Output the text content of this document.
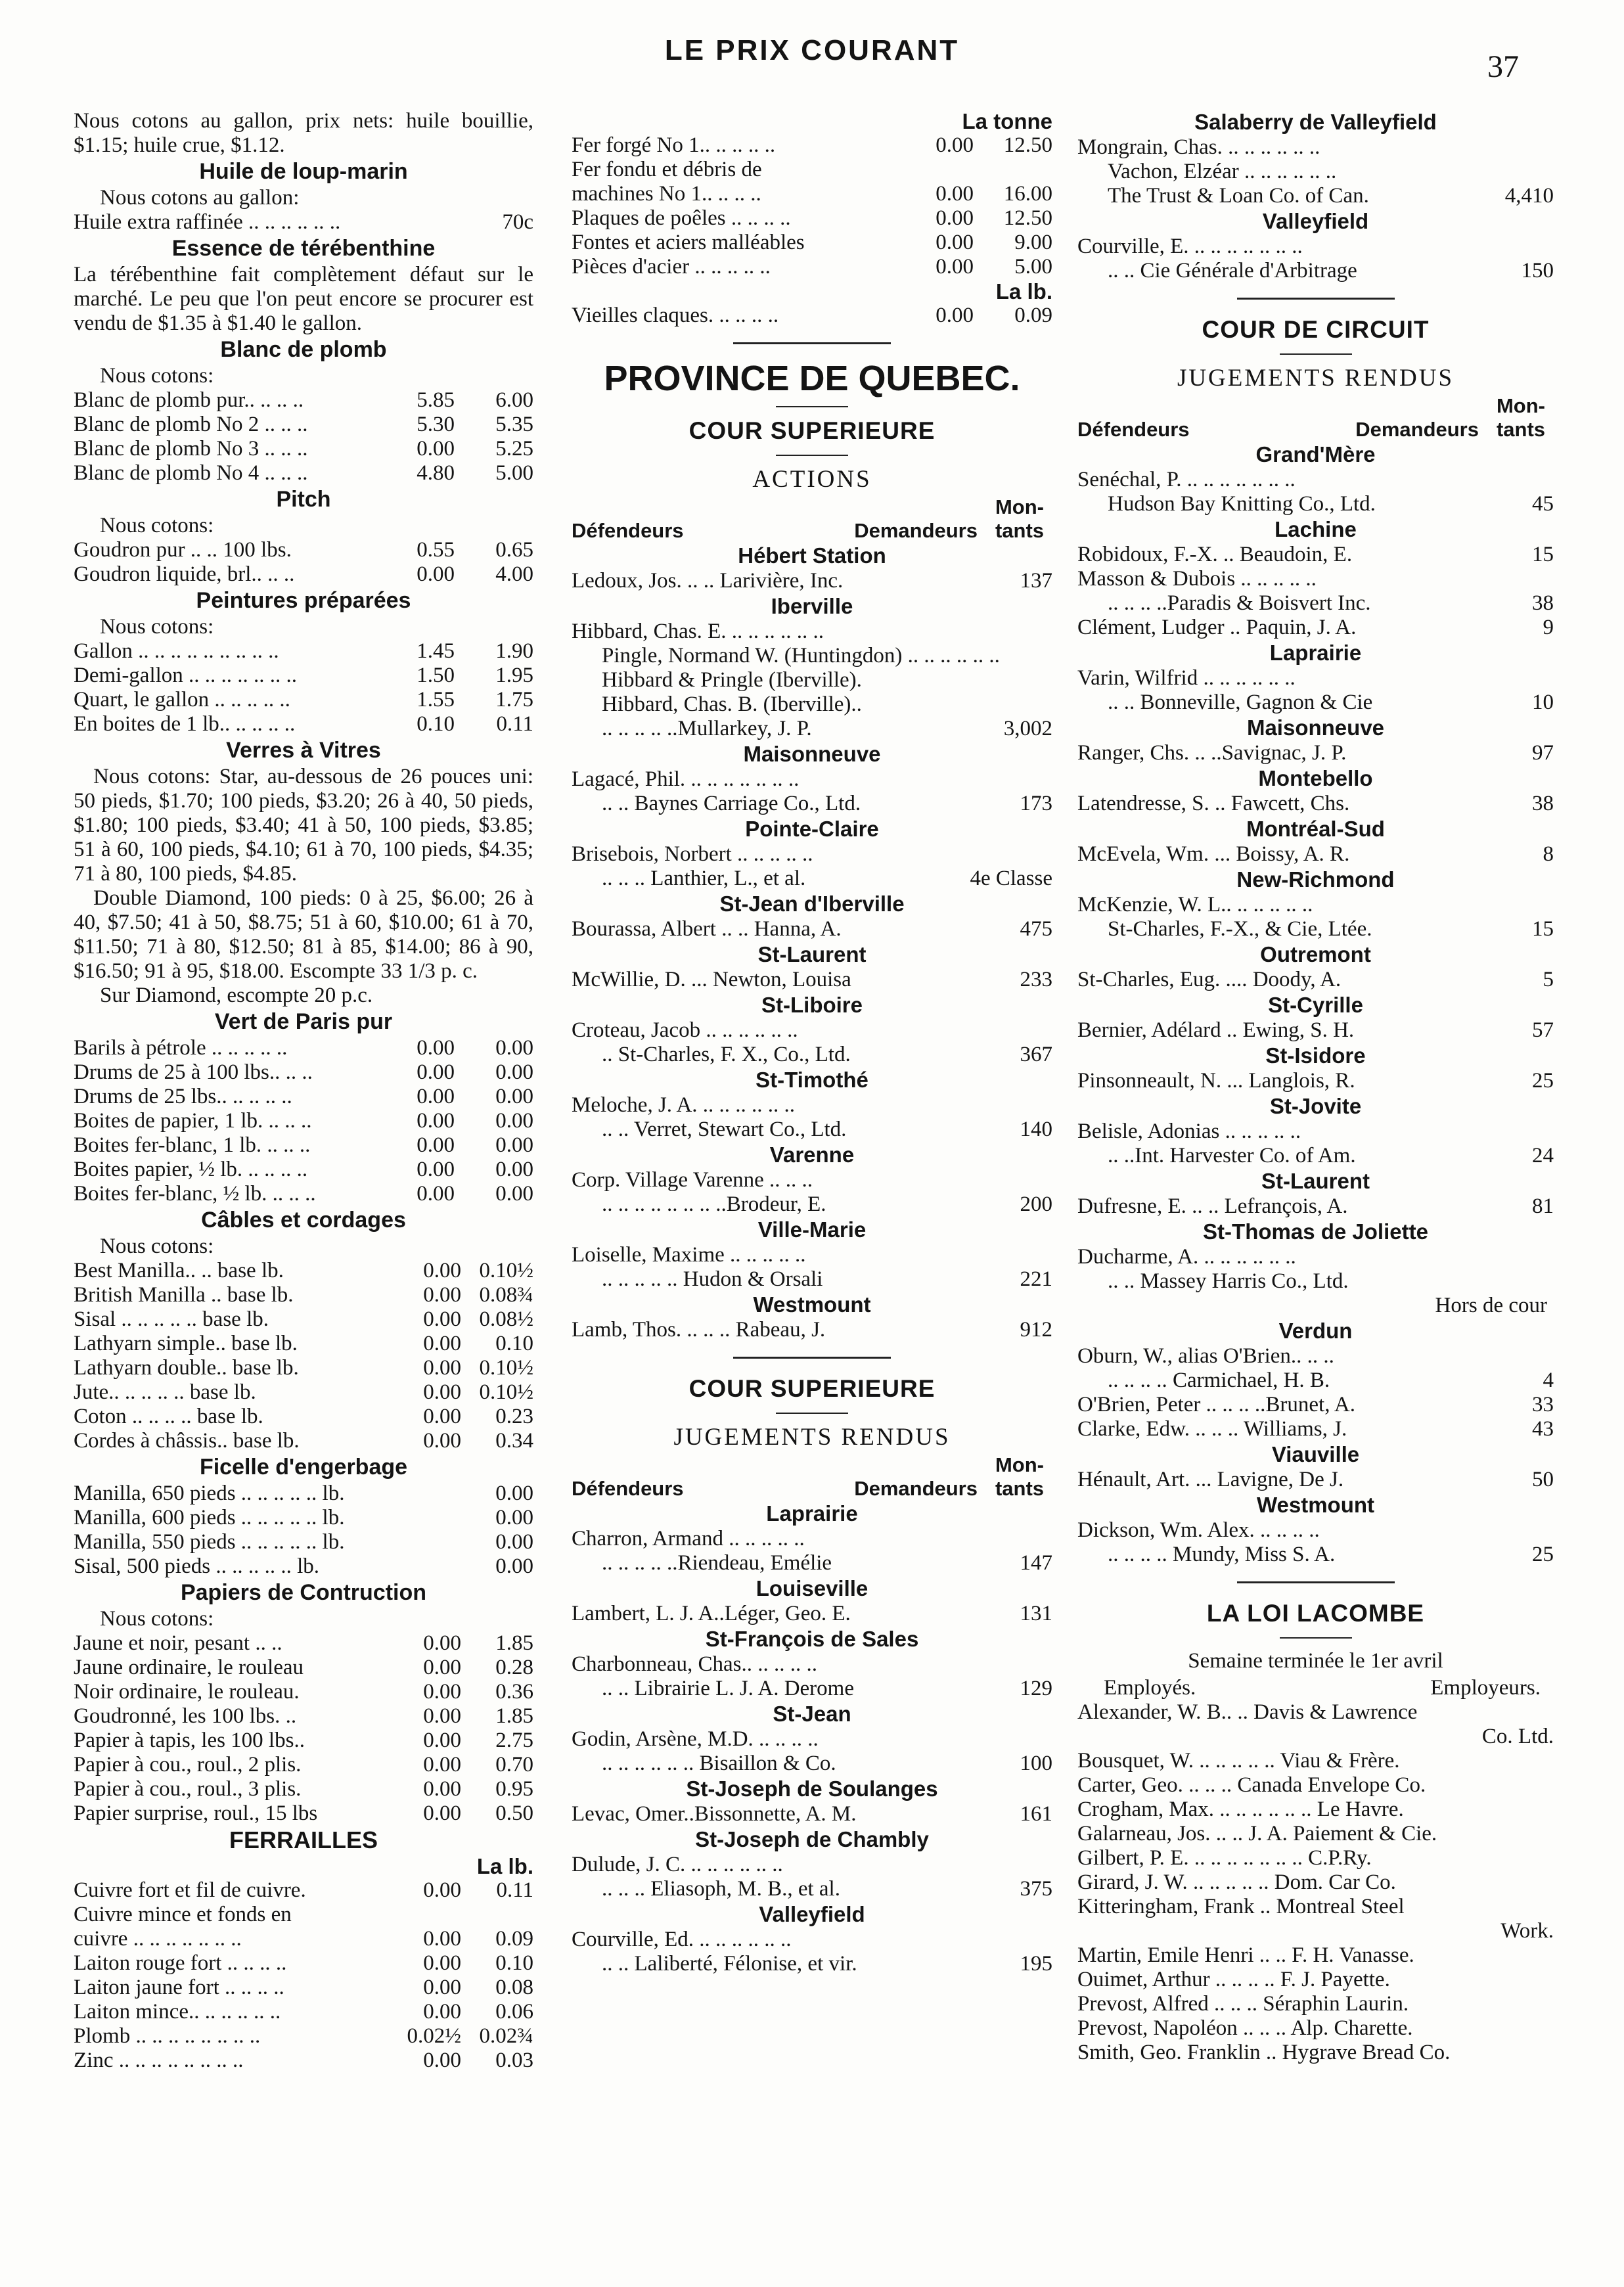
LE PRIX COURANT	37
Nous cotons au gallon, prix nets: huile bouillie, $1.15; huile crue, $1.12.
Huile de loup-marin
Nous cotons au gallon:
Huile extra raffinée .. .. .. .. .. ..	70c
Essence de térébenthine
La térébenthine fait complètement défaut sur le marché. Le peu que l'on peut encore se procurer est vendu de $1.35 à $1.40 le gallon.
Blanc de plomb
Nous cotons:
Blanc de plomb pur.. .. .. ..	5.85	6.00
Blanc de plomb No 2 .. .. ..	5.30	5.35
Blanc de plomb No 3 .. .. ..	0.00	5.25
Blanc de plomb No 4 .. .. ..	4.80	5.00
Pitch
Nous cotons:
Goudron pur .. .. 100 lbs.	0.55	0.65
Goudron liquide, brl.. .. ..	0.00	4.00
Peintures préparées
Nous cotons:
Gallon .. .. .. .. .. .. .. .. ..	1.45	1.90
Demi-gallon .. .. .. .. .. .. ..	1.50	1.95
Quart, le gallon .. .. .. .. ..	1.55	1.75
En boites de 1 lb.. .. .. .. ..	0.10	0.11
Verres à Vitres
Nous cotons: Star, au-dessous de 26 pouces uni: 50 pieds, $1.70; 100 pieds, $3.20; 26 à 40, 50 pieds, $1.80; 100 pieds, $3.40; 41 à 50, 100 pieds, $3.85; 51 à 60, 100 pieds, $4.10; 61 à 70, 100 pieds, $4.35; 71 à 80, 100 pieds, $4.85.
Double Diamond, 100 pieds: 0 à 25, $6.00; 26 à 40, $7.50; 41 à 50, $8.75; 51 à 60, $10.00; 61 à 70, $11.50; 71 à 80, $12.50; 81 à 85, $14.00; 86 à 90, $16.50; 91 à 95, $18.00. Escompte 33 1/3 p. c.
Sur Diamond, escompte 20 p.c.
Vert de Paris pur
Barils à pétrole .. .. .. .. ..	0.00	0.00
Drums de 25 à 100 lbs.. .. ..	0.00	0.00
Drums de 25 lbs.. .. .. .. ..	0.00	0.00
Boites de papier, 1 lb. .. .. ..	0.00	0.00
Boites fer-blanc, 1 lb. .. .. ..	0.00	0.00
Boites papier, ½ lb. .. .. .. ..	0.00	0.00
Boites fer-blanc, ½ lb. .. .. ..	0.00	0.00
Câbles et cordages
Nous cotons:
Best Manilla.. .. base lb.	0.00 0.10½
British Manilla .. base lb.	0.00 0.08¾
Sisal .. .. .. .. .. base lb.	0.00 0.08½
Lathyarn simple.. base lb.	0.00	0.10
Lathyarn double.. base lb.	0.00 0.10½
Jute.. .. .. .. .. base lb.	0.00 0.10½
Coton .. .. .. .. base lb.	0.00	0.23
Cordes à châssis.. base lb.	0.00	0.34
Ficelle d'engerbage
Manilla, 650 pieds .. .. .. .. .. lb.	0.00
Manilla, 600 pieds .. .. .. .. .. lb.	0.00
Manilla, 550 pieds .. .. .. .. .. lb.	0.00
Sisal, 500 pieds .. .. .. .. .. lb.	0.00
Papiers de Contruction
Nous cotons:
Jaune et noir, pesant .. ..	0.00	1.85
Jaune ordinaire, le rouleau	0.00	0.28
Noir ordinaire, le rouleau.	0.00	0.36
Goudronné, les 100 lbs. ..	0.00	1.85
Papier à tapis, les 100 lbs..	0.00	2.75
Papier à cou., roul., 2 plis.	0.00	0.70
Papier à cou., roul., 3 plis.	0.00	0.95
Papier surprise, roul., 15 lbs	0.00	0.50
FERRAILLES
La lb.
Cuivre fort et fil de cuivre.	0.00	0.11
Cuivre mince et fonds en
cuivre .. .. .. .. .. .. ..	0.00	0.09
Laiton rouge fort .. .. .. ..	0.00	0.10
Laiton jaune fort .. .. .. ..	0.00	0.08
Laiton mince.. .. .. .. .. ..	0.00	0.06
Plomb .. .. .. .. .. .. .. ..	0.02½ 0.02¾
Zinc .. .. .. .. .. .. .. ..	0.00	0.03
La tonne
Fer forgé No 1.. .. .. .. ..	0.00	12.50
Fer fondu et débris de
machines No 1.. .. .. ..	0.00	16.00
Plaques de poêles .. .. .. ..	0.00	12.50
Fontes et aciers malléables	0.00	9.00
Pièces d'acier .. .. .. .. ..	0.00	5.00
La lb.
Vieilles claques. .. .. .. ..	0.00	0.09
PROVINCE DE QUEBEC.
COUR SUPERIEURE
ACTIONS
Défendeurs	Demandeurs
Mon-
tants
Hébert Station
Ledoux, Jos. .. .. Larivière, Inc.	137
Iberville
Hibbard, Chas. E. .. .. .. .. .. ..
Pingle, Normand W. (Huntingdon) .. .. .. .. .. ..
Hibbard & Pringle (Iberville).
Hibbard, Chas. B. (Iberville)..
.. .. .. .. ..Mullarkey, J. P.	3,002
Maisonneuve
Lagacé, Phil. .. .. .. .. .. .. ..
.. .. Baynes Carriage Co., Ltd.	173
Pointe-Claire
Brisebois, Norbert .. .. .. .. ..
.. .. .. Lanthier, L., et al.	4e Classe
St-Jean d'Iberville
Bourassa, Albert .. .. Hanna, A.	475
St-Laurent
McWillie, D. ... Newton, Louisa	233
St-Liboire
Croteau, Jacob .. .. .. .. .. ..
.. St-Charles, F. X., Co., Ltd.	367
St-Timothé
Meloche, J. A. .. .. .. .. .. ..
.. .. Verret, Stewart Co., Ltd.	140
Varenne
Corp. Village Varenne .. .. ..
.. .. .. .. .. .. .. ..Brodeur, E.	200
Ville-Marie
Loiselle, Maxime .. .. .. .. ..
.. .. .. .. .. Hudon & Orsali	221
Westmount
Lamb, Thos. .. .. .. Rabeau, J.	912
COUR SUPERIEURE
JUGEMENTS RENDUS
Défendeurs	Demandeurs
Mon-
tants
Laprairie
Charron, Armand .. .. .. .. ..
.. .. .. .. ..Riendeau, Emélie	147
Louiseville
Lambert, L. J. A..Léger, Geo. E.	131
St-François de Sales
Charbonneau, Chas.. .. .. .. ..
.. .. Librairie L. J. A. Derome	129
St-Jean
Godin, Arsène, M.D. .. .. .. ..
.. .. .. .. .. .. Bisaillon & Co.	100
St-Joseph de Soulanges
Levac, Omer..Bissonnette, A. M.	161
St-Joseph de Chambly
Dulude, J. C. .. .. .. .. .. ..
.. .. .. Eliasoph, M. B., et al.	375
Valleyfield
Courville, Ed. .. .. .. .. .. ..
.. .. Laliberté, Félonise, et vir.	195
Salaberry de Valleyfield
Mongrain, Chas. .. .. .. .. .. ..
Vachon, Elzéar .. .. .. .. .. ..
The Trust & Loan Co. of Can.	4,410
Valleyfield
Courville, E. .. .. .. .. .. .. ..
.. .. Cie Générale d'Arbitrage	150
COUR DE CIRCUIT
JUGEMENTS RENDUS
Défendeurs	Demandeurs
Mon-
tants
Grand'Mère
Senéchal, P. .. .. .. .. .. .. ..
Hudson Bay Knitting Co., Ltd.	45
Lachine
Robidoux, F.-X. .. Beaudoin, E.	15
Masson & Dubois .. .. .. .. ..
.. .. .. ..Paradis & Boisvert Inc.	38
Clément, Ludger .. Paquin, J. A.	9
Laprairie
Varin, Wilfrid .. .. .. .. .. ..
.. .. Bonneville, Gagnon & Cie	10
Maisonneuve
Ranger, Chs. .. ..Savignac, J. P.	97
Montebello
Latendresse, S. .. Fawcett, Chs.	38
Montréal-Sud
McEvela, Wm. ... Boissy, A. R.	8
New-Richmond
McKenzie, W. L.. .. .. .. .. ..
St-Charles, F.-X., & Cie, Ltée.	15
Outremont
St-Charles, Eug. .... Doody, A.	5
St-Cyrille
Bernier, Adélard .. Ewing, S. H.	57
St-Isidore
Pinsonneault, N. ... Langlois, R.	25
St-Jovite
Belisle, Adonias .. .. .. .. ..
.. ..Int. Harvester Co. of Am.	24
St-Laurent
Dufresne, E. .. .. Lefrançois, A.	81
St-Thomas de Joliette
Ducharme, A. .. .. .. .. .. ..
.. .. Massey Harris Co., Ltd.
Hors de cour
Verdun
Oburn, W., alias O'Brien.. .. ..
.. .. .. .. Carmichael, H. B.	4
O'Brien, Peter .. .. .. ..Brunet, A.	33
Clarke, Edw. .. .. .. Williams, J.	43
Viauville
Hénault, Art. ... Lavigne, De J.	50
Westmount
Dickson, Wm. Alex. .. .. .. ..
.. .. .. .. Mundy, Miss S. A.	25
LA LOI LACOMBE
Semaine terminée le 1er avril
Employés.	Employeurs.
Alexander, W. B.. .. Davis & Lawrence
Co. Ltd.
Bousquet, W. .. .. .. .. .. Viau & Frère.
Carter, Geo. .. .. .. Canada Envelope Co.
Crogham, Max. .. .. .. .. .. .. Le Havre.
Galarneau, Jos. .. .. J. A. Paiement & Cie.
Gilbert, P. E. .. .. .. .. .. .. .. C.P.Ry.
Girard, J. W. .. .. .. .. .. Dom. Car Co.
Kitteringham, Frank .. Montreal Steel
Work.
Martin, Emile Henri .. .. F. H. Vanasse.
Ouimet, Arthur .. .. .. .. F. J. Payette.
Prevost, Alfred .. .. .. Séraphin Laurin.
Prevost, Napoléon .. .. .. Alp. Charette.
Smith, Geo. Franklin .. Hygrave Bread Co.
